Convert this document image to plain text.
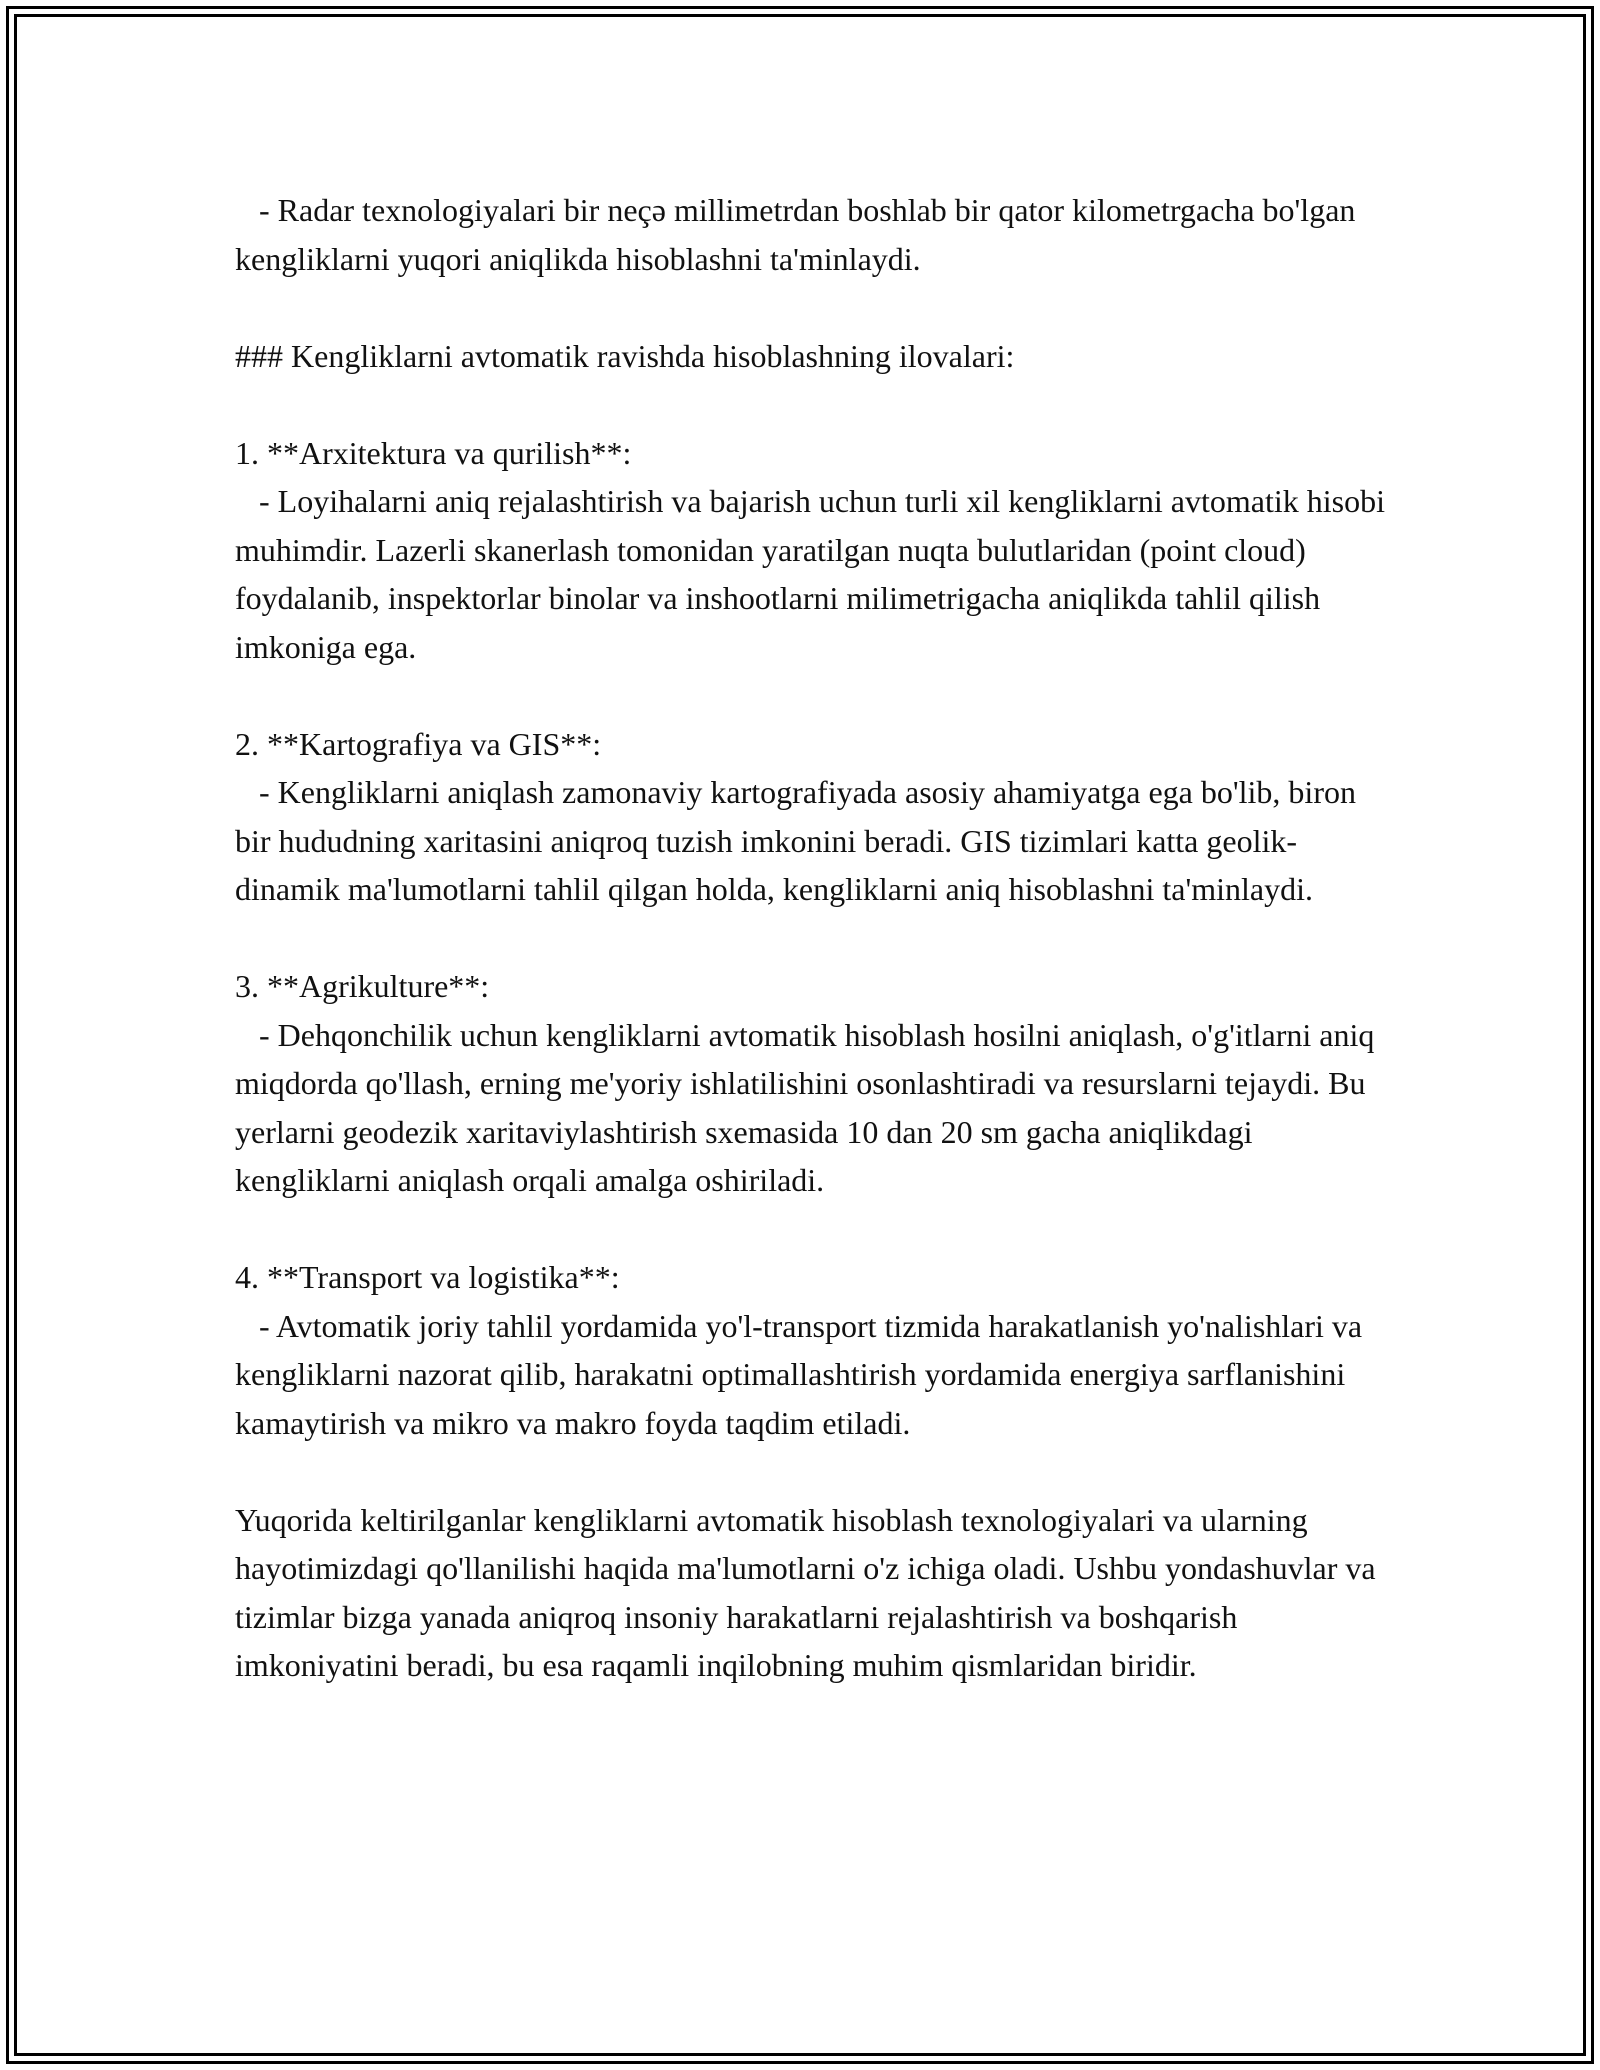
- Radar texnologiyalari bir neçə millimetrdan boshlab bir qator kilometrgacha bo'lgan kengliklarni yuqori aniqlikda hisoblashni ta'minlaydi.

### Kengliklarni avtomatik ravishda hisoblashning ilovalari:

1. **Arxitektura va qurilish**:

- Loyihalarni aniq rejalashtirish va bajarish uchun turli xil kengliklarni avtomatik hisobi muhimdir. Lazerli skanerlash tomonidan yaratilgan nuqta bulutlaridan (point cloud) foydalanib, inspektorlar binolar va inshootlarni milimetrigacha aniqlikda tahlil qilish imkoniga ega.

2. **Kartografiya va GIS**:

- Kengliklarni aniqlash zamonaviy kartografiyada asosiy ahamiyatga ega bo'lib, biron bir hududning xaritasini aniqroq tuzish imkonini beradi. GIS tizimlari katta geolik-dinamik ma'lumotlarni tahlil qilgan holda, kengliklarni aniq hisoblashni ta'minlaydi.

3. **Agrikulture**:

- Dehqonchilik uchun kengliklarni avtomatik hisoblash hosilni aniqlash, o'g'itlarni aniq miqdorda qo'llash, erning me'yoriy ishlatilishini osonlashtiradi va resurslarni tejaydi. Bu yerlarni geodezik xaritaviylashtirish sxemasida 10 dan 20 sm gacha aniqlikdagi kengliklarni aniqlash orqali amalga oshiriladi.

4. **Transport va logistika**:

- Avtomatik joriy tahlil yordamida yo'l-transport tizmida harakatlanish yo'nalishlari va kengliklarni nazorat qilib, harakatni optimallashtirish yordamida energiya sarflanishini kamaytirish va mikro va makro foyda taqdim etiladi.

Yuqorida keltirilganlar kengliklarni avtomatik hisoblash texnologiyalari va ularning hayotimizdagi qo'llanilishi haqida ma'lumotlarni o'z ichiga oladi. Ushbu yondashuvlar va tizimlar bizga yanada aniqroq insoniy harakatlarni rejalashtirish va boshqarish imkoniyatini beradi, bu esa raqamli inqilobning muhim qismlaridan biridir.
